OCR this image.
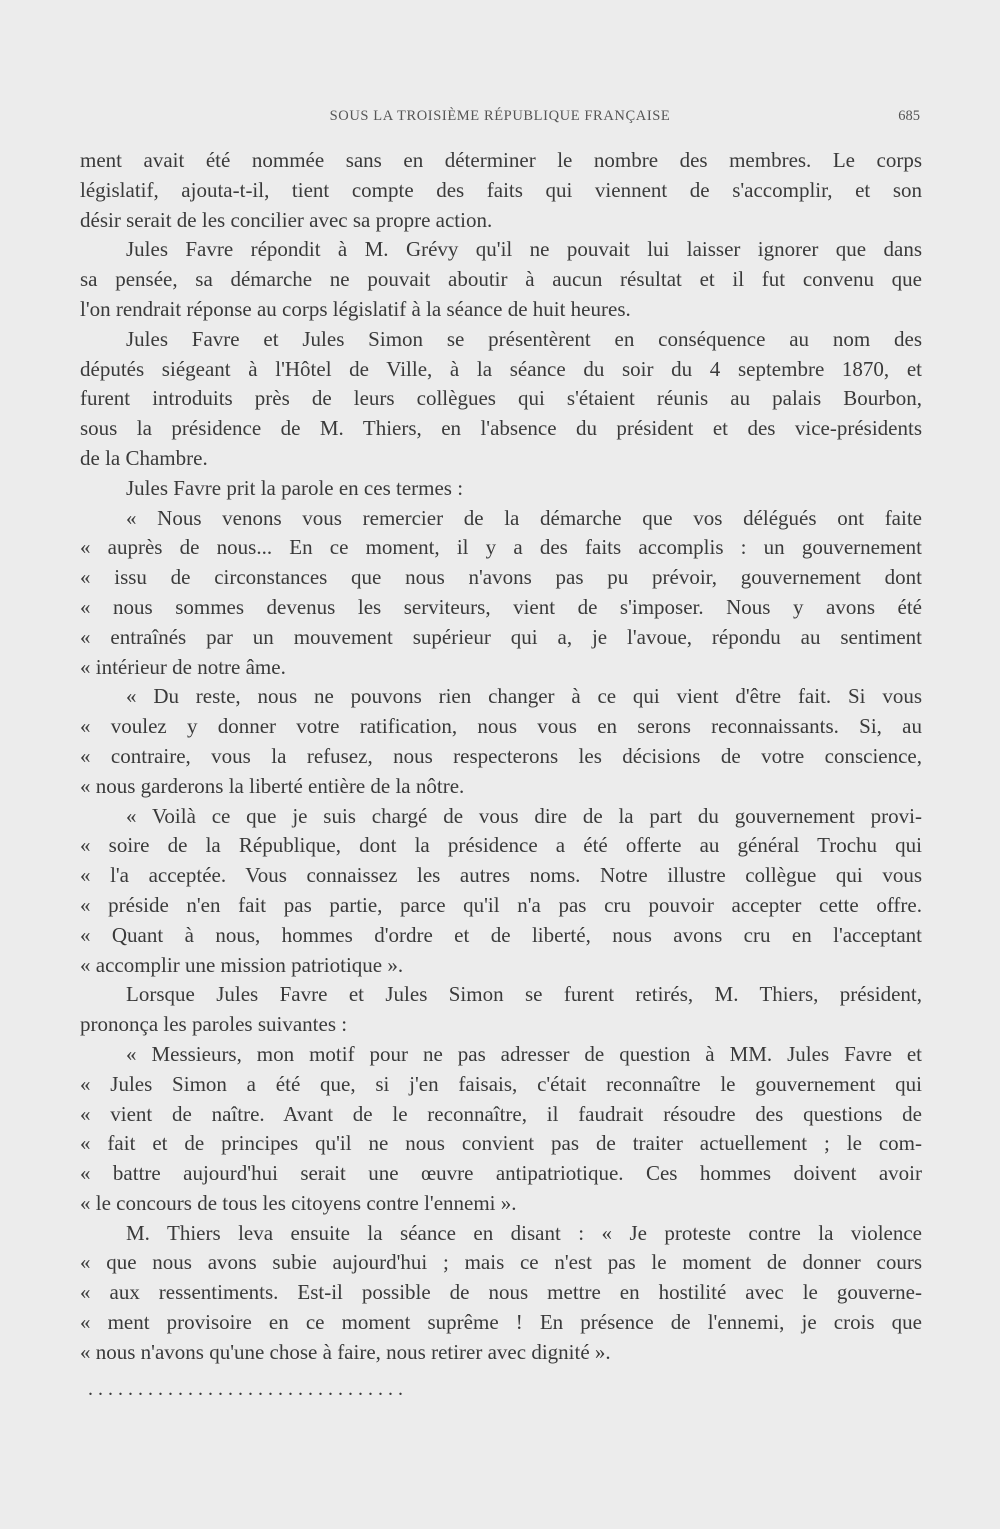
SOUS LA TROISIÈME RÉPUBLIQUE FRANÇAISE	685
ment avait été nommée sans en déterminer le nombre des membres. Le corps
législatif, ajouta-t-il, tient compte des faits qui viennent de s'accomplir, et son
désir serait de les concilier avec sa propre action.
Jules Favre répondit à M. Grévy qu'il ne pouvait lui laisser ignorer que dans
sa pensée, sa démarche ne pouvait aboutir à aucun résultat et il fut convenu que
l'on rendrait réponse au corps législatif à la séance de huit heures.
Jules Favre et Jules Simon se présentèrent en conséquence au nom des
députés siégeant à l'Hôtel de Ville, à la séance du soir du 4 septembre 1870, et
furent introduits près de leurs collègues qui s'étaient réunis au palais Bourbon,
sous la présidence de M. Thiers, en l'absence du président et des vice-présidents
de la Chambre.
Jules Favre prit la parole en ces termes :
« Nous venons vous remercier de la démarche que vos délégués ont faite
« auprès de nous... En ce moment, il y a des faits accomplis : un gouvernement
« issu de circonstances que nous n'avons pas pu prévoir, gouvernement dont
« nous sommes devenus les serviteurs, vient de s'imposer. Nous y avons été
« entraînés par un mouvement supérieur qui a, je l'avoue, répondu au sentiment
« intérieur de notre âme.
« Du reste, nous ne pouvons rien changer à ce qui vient d'être fait. Si vous
« voulez y donner votre ratification, nous vous en serons reconnaissants. Si, au
« contraire, vous la refusez, nous respecterons les décisions de votre conscience,
« nous garderons la liberté entière de la nôtre.
« Voilà ce que je suis chargé de vous dire de la part du gouvernement provi-
« soire de la République, dont la présidence a été offerte au général Trochu qui
« l'a acceptée. Vous connaissez les autres noms. Notre illustre collègue qui vous
« préside n'en fait pas partie, parce qu'il n'a pas cru pouvoir accepter cette offre.
« Quant à nous, hommes d'ordre et de liberté, nous avons cru en l'acceptant
« accomplir une mission patriotique ».
Lorsque Jules Favre et Jules Simon se furent retirés, M. Thiers, président,
prononça les paroles suivantes :
« Messieurs, mon motif pour ne pas adresser de question à MM. Jules Favre et
« Jules Simon a été que, si j'en faisais, c'était reconnaître le gouvernement qui
« vient de naître. Avant de le reconnaître, il faudrait résoudre des questions de
« fait et de principes qu'il ne nous convient pas de traiter actuellement ; le com-
« battre aujourd'hui serait une œuvre antipatriotique. Ces hommes doivent avoir
« le concours de tous les citoyens contre l'ennemi ».
M. Thiers leva ensuite la séance en disant : « Je proteste contre la violence
« que nous avons subie aujourd'hui ; mais ce n'est pas le moment de donner cours
« aux ressentiments. Est-il possible de nous mettre en hostilité avec le gouverne-
« ment provisoire en ce moment suprême ! En présence de l'ennemi, je crois que
« nous n'avons qu'une chose à faire, nous retirer avec dignité ».
. . . . . . . . . . . . . . . . . . . . . . . . . . . . . . . .
